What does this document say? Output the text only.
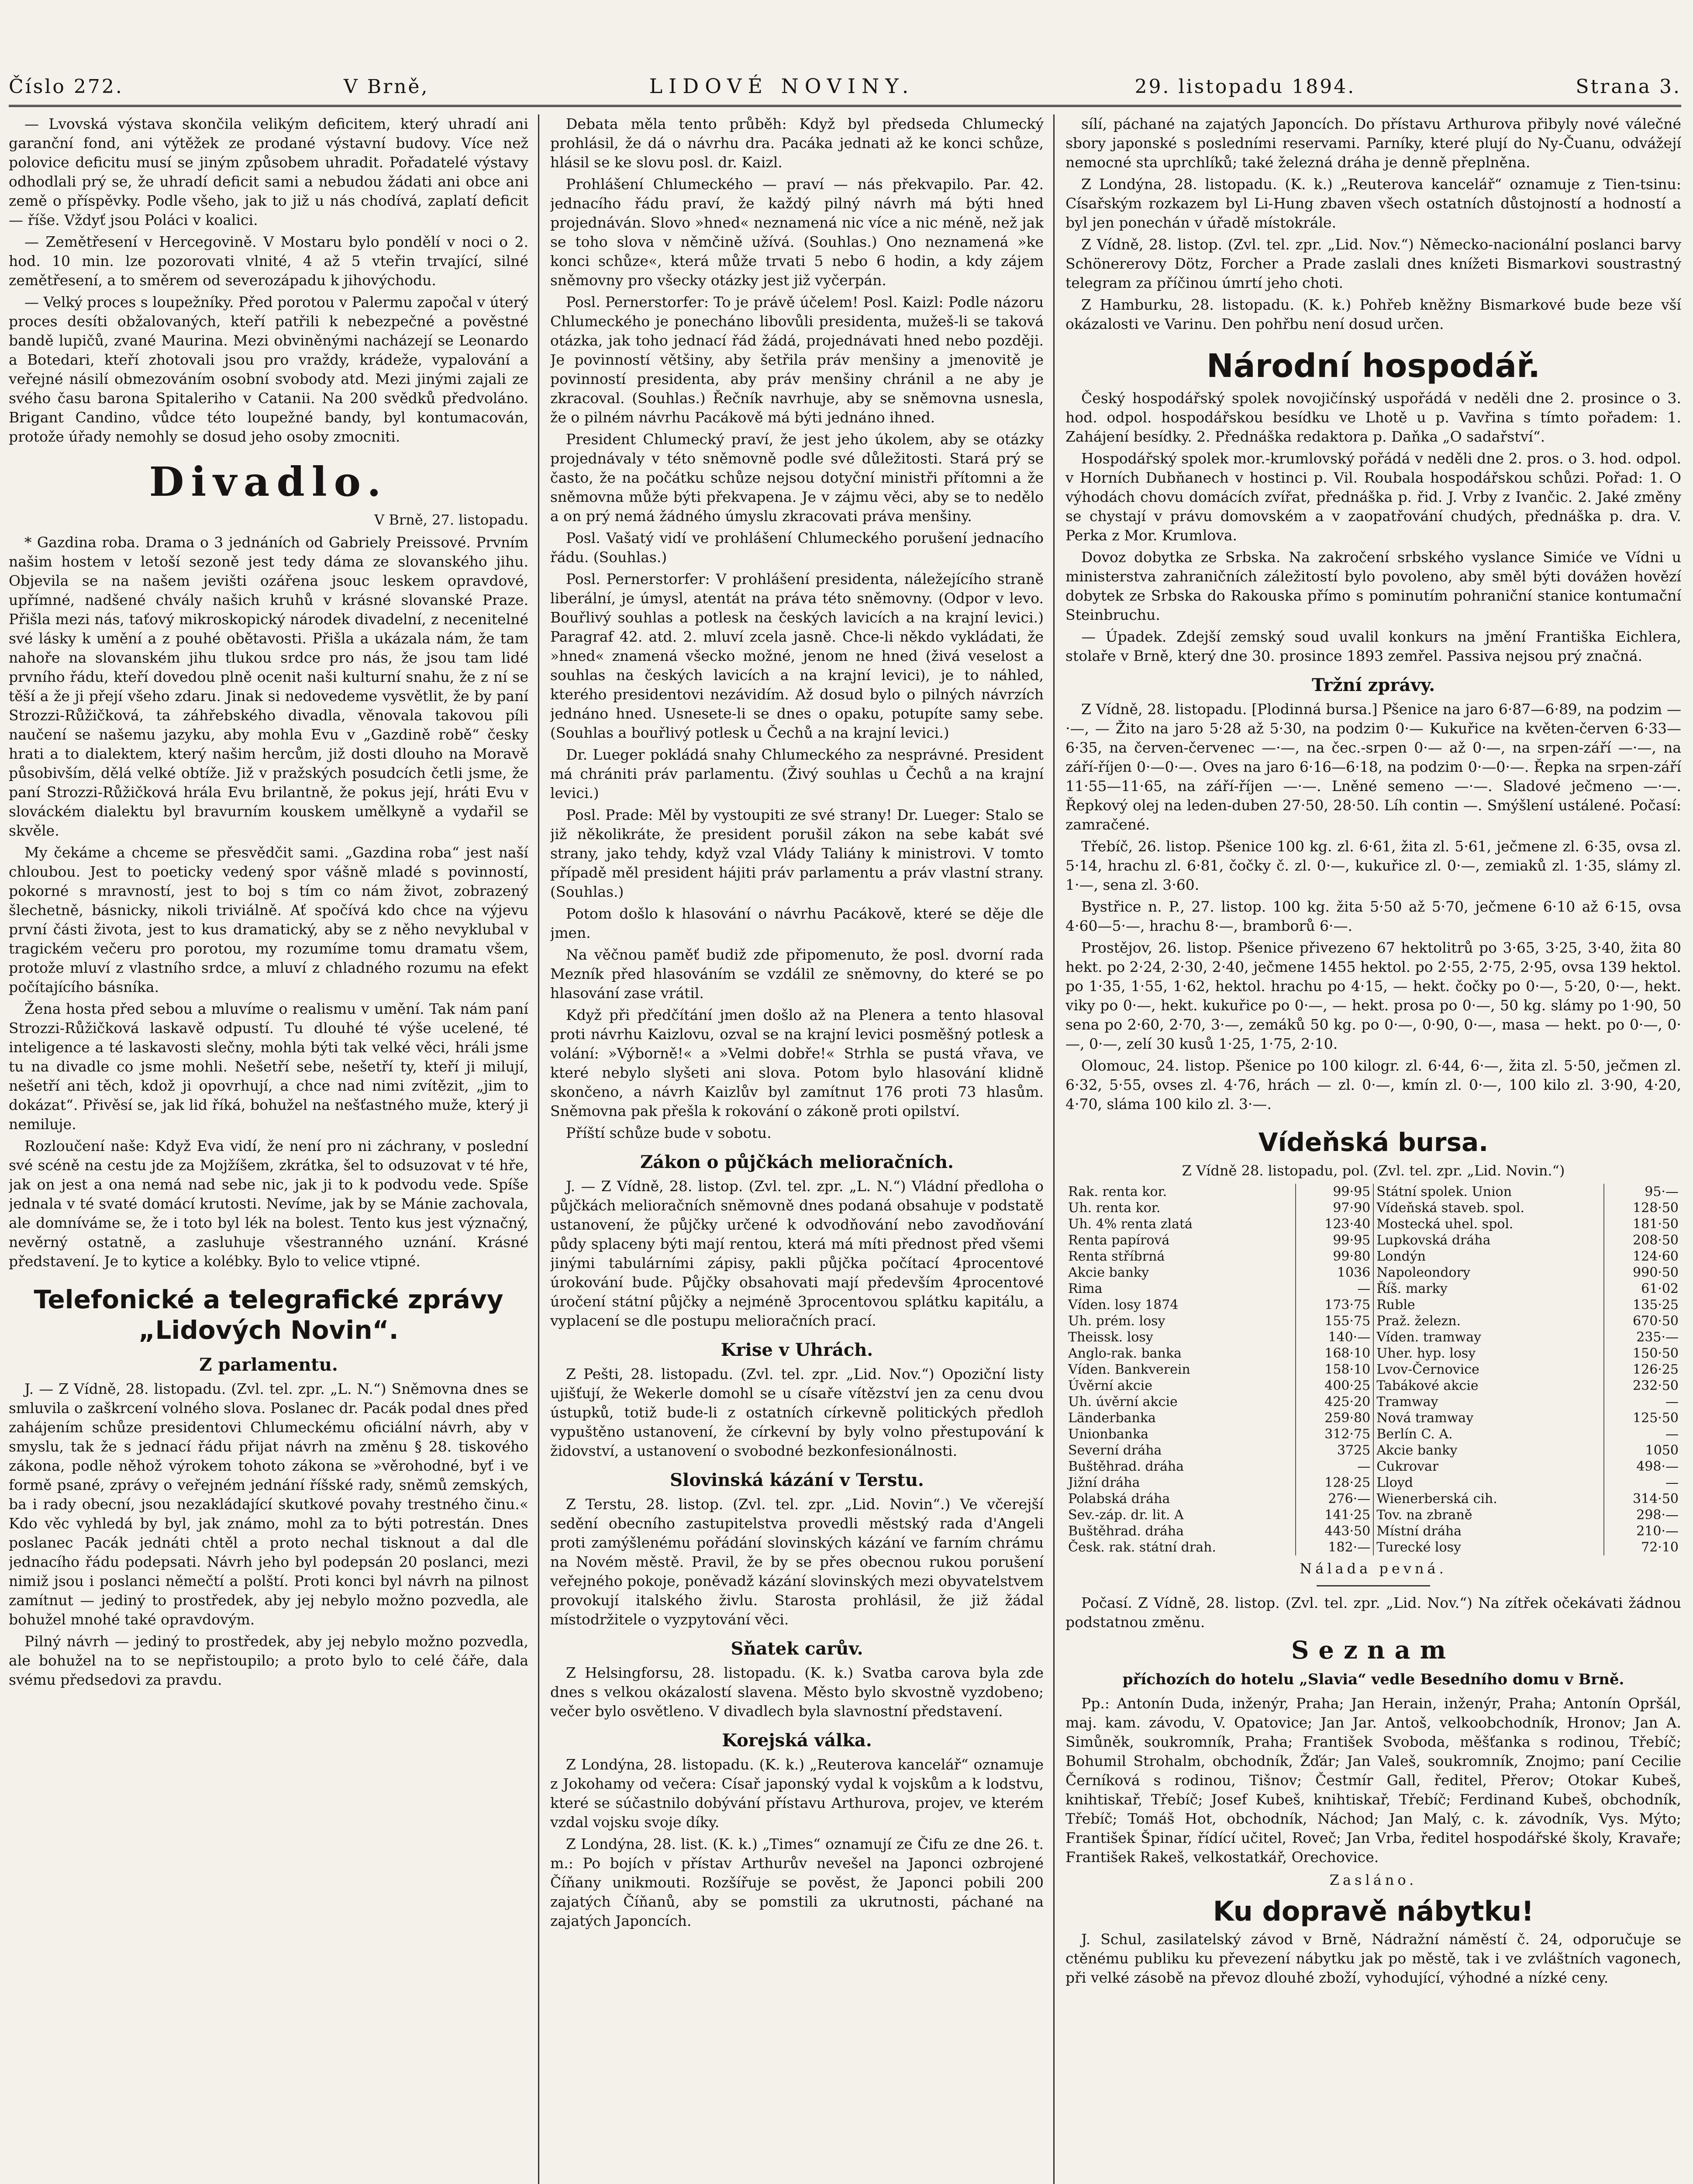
Číslo 272.	V Brně,	LIDOVÉ NOVINY.	29. listopadu 1894.	Strana 3.

— Lvovská výstava skončila velikým deficitem, který uhradí ani garanční fond, ani výtěžek ze prodané výstavní budovy. Více než polovice deficitu musí se jiným způsobem uhradit. Pořadatelé výstavy odhodlali prý se, že uhradí deficit sami a nebudou žádati ani obce ani země o příspěvky. Podle všeho, jak to již u nás chodívá, zaplatí deficit — říše. Vždyť jsou Poláci v koalici.

— Zemětřesení v Hercegovině. V Mostaru bylo pondělí v noci o 2. hod. 10 min. lze pozorovati vlnité, 4 až 5 vteřin trvající, silné zemětřesení, a to směrem od severozápadu k jihovýchodu.

— Velký proces s loupežníky. Před porotou v Palermu započal v úterý proces desíti obžalovaných, kteří patřili k nebezpečné a pověstné bandě lupičů, zvané Maurina. Mezi obviněnými nacházejí se Leonardo a Botedari, kteří zhotovali jsou pro vraždy, krádeže, vypalování a veřejné násilí obmezováním osobní svobody atd. Mezi jinými zajali ze svého času barona Spitaleriho v Catanii. Na 200 svědků předvoláno. Brigant Candino, vůdce této loupežné bandy, byl kontumacován, protože úřady nemohly se dosud jeho osoby zmocniti.

Divadlo.
V Brně, 27. listopadu.

* Gazdina roba. Drama o 3 jednáních od Gabriely Preissové. Prvním našim hostem v letoší sezoně jest tedy dáma ze slovanského jihu. Objevila se na našem jevišti ozářena jsouc leskem opravdové, upřímné, nadšené chvály našich kruhů v krásné slovanské Praze. Přišla mezi nás, taťový mikroskopický národek divadelní, z necenitelné své lásky k umění a z pouhé obětavosti. Přišla a ukázala nám, že tam nahoře na slovanském jihu tlukou srdce pro nás, že jsou tam lidé prvního řádu, kteří dovedou plně ocenit naši kulturní snahu, že z ní se těší a že ji přejí všeho zdaru. Jinak si nedovedeme vysvětlit, že by paní Strozzi-Růžičková, ta záhřebského divadla, věnovala takovou píli naučení se našemu jazyku, aby mohla Evu v „Gazdině robě“ česky hrati a to dialektem, který našim hercům, již dosti dlouho na Moravě působivším, dělá velké obtíže. Již v pražských posudcích četli jsme, že paní Strozzi-Růžičková hrála Evu brilantně, že pokus její, hráti Evu v slováckém dialektu byl bravurním kouskem umělkyně a vydařil se skvěle.

My čekáme a chceme se přesvědčit sami. „Gazdina roba“ jest naší chloubou. Jest to poeticky vedený spor vášně mladé s povinností, pokorné s mravností, jest to boj s tím co nám život, zobrazený šlechetně, básnicky, nikoli triviálně. Ať spočívá kdo chce na výjevu první části života, jest to kus dramatický, aby se z něho nevyklubal v tragickém večeru pro porotou, my rozumíme tomu dramatu všem, protože mluví z vlastního srdce, a mluví z chladného rozumu na efekt počítajícího básníka.

Žena hosta před sebou a mluvíme o realismu v umění. Tak nám paní Strozzi-Růžičková laskavě odpustí. Tu dlouhé té výše ucelené, té inteligence a té laskavosti slečny, mohla býti tak velké věci, hráli jsme tu na divadle co jsme mohli. Nešetří sebe, nešetří ty, kteří ji milují, nešetří ani těch, kdož ji opovrhují, a chce nad nimi zvítězit, „jim to dokázat“. Přivěsí se, jak lid říká, bohužel na nešťastného muže, který ji nemiluje.

Rozloučení naše: Když Eva vidí, že není pro ni záchrany, v poslední své scéně na cestu jde za Mojžíšem, zkrátka, šel to odsuzovat v té hře, jak on jest a ona nemá nad sebe nic, jak ji to k podvodu vede. Spíše jednala v té svaté domácí krutosti. Nevíme, jak by se Mánie zachovala, ale domníváme se, že i toto byl lék na bolest. Tento kus jest význačný, nevěrný ostatně, a zasluhuje všestranného uznání. Krásné představení. Je to kytice a kolébky. Bylo to velice vtipné.

Telefonické a telegrafické zprávy „Lidových Novin“.
Z parlamentu.

J. — Z Vídně, 28. listopadu. (Zvl. tel. zpr. „L. N.“) Sněmovna dnes se smluvila o zaškrcení volného slova. Poslanec dr. Pacák podal dnes před zahájením schůze presidentovi Chlumeckému oficiální návrh, aby v smyslu, tak že s jednací řádu přijat návrh na změnu § 28. tiskového zákona, podle něhož výrokem tohoto zákona se »věrohodné, byť i ve formě psané, zprávy o veřejném jednání říšské rady, sněmů zemských, ba i rady obecní, jsou nezakládající skutkové povahy trestného činu.« Kdo věc vyhledá by byl, jak známo, mohl za to býti potrestán. Dnes poslanec Pacák jednáti chtěl a proto nechal tisknout a dal dle jednacího řádu podepsati. Návrh jeho byl podepsán 20 poslanci, mezi nimiž jsou i poslanci němečtí a polští. Proti konci byl návrh na pilnost zamítnut — jediný to prostředek, aby jej nebylo možno pozvedla, ale bohužel mnohé také opravdovým.

Pilný návrh — jediný to prostředek, aby jej nebylo možno pozvedla, ale bohužel na to se nepřistoupilo; a proto bylo to celé čáře, dala svému předsedovi za pravdu.

Debata měla tento průběh: Když byl předseda Chlumecký prohlásil, že dá o návrhu dra. Pacáka jednati až ke konci schůze, hlásil se ke slovu posl. dr. Kaizl.

Prohlášení Chlumeckého — praví — nás překvapilo. Par. 42. jednacího řádu praví, že každý pilný návrh má býti hned projednáván. Slovo »hned« neznamená nic více a nic méně, než jak se toho slova v němčině užívá. (Souhlas.) Ono neznamená »ke konci schůze«, která může trvati 5 nebo 6 hodin, a kdy zájem sněmovny pro všecky otázky jest již vyčerpán.

Posl. Pernerstorfer: To je právě účelem! Posl. Kaizl: Podle názoru Chlumeckého je ponecháno libovůli presidenta, mužeš-li se taková otázka, jak toho jednací řád žádá, projednávati hned nebo později. Je povinností většiny, aby šetřila práv menšiny a jmenovitě je povinností presidenta, aby práv menšiny chránil a ne aby je zkracoval. (Souhlas.) Řečník navrhuje, aby se sněmovna usnesla, že o pilném návrhu Pacákově má býti jednáno ihned.

President Chlumecký praví, že jest jeho úkolem, aby se otázky projednávaly v této sněmovně podle své důležitosti. Stará prý se často, že na počátku schůze nejsou dotyční ministři přítomni a že sněmovna může býti překvapena. Je v zájmu věci, aby se to nedělo a on prý nemá žádného úmyslu zkracovati práva menšiny.

Posl. Vašatý vidí ve prohlášení Chlumeckého porušení jednacího řádu. (Souhlas.)

Posl. Pernerstorfer: V prohlášení presidenta, náležejícího straně liberální, je úmysl, atentát na práva této sněmovny. (Odpor v levo. Bouřlivý souhlas a potlesk na českých lavicích a na krajní levici.) Paragraf 42. atd. 2. mluví zcela jasně. Chce-li někdo vykládati, že »hned« znamená všecko možné, jenom ne hned (živá veselost a souhlas na českých lavicích a na krajní levici), je to náhled, kterého presidentovi nezávidím. Až dosud bylo o pilných návrzích jednáno hned. Usnesete-li se dnes o opaku, potupíte samy sebe. (Souhlas a bouřlivý potlesk u Čechů a na krajní levici.)

Dr. Lueger pokládá snahy Chlumeckého za nesprávné. President má chrániti práv parlamentu. (Živý souhlas u Čechů a na krajní levici.)

Posl. Prade: Měl by vystoupiti ze své strany! Dr. Lueger: Stalo se již několikráte, že president porušil zákon na sebe kabát své strany, jako tehdy, když vzal Vlády Taliány k ministrovi. V tomto případě měl president hájiti práv parlamentu a práv vlastní strany. (Souhlas.)

Potom došlo k hlasování o návrhu Pacákově, které se děje dle jmen.

Na věčnou paměť budiž zde připomenuto, že posl. dvorní rada Mezník před hlasováním se vzdálil ze sněmovny, do které se po hlasování zase vrátil.

Když při předčítání jmen došlo až na Plenera a tento hlasoval proti návrhu Kaizlovu, ozval se na krajní levici posměšný potlesk a volání: »Výborně!« a »Velmi dobře!« Strhla se pustá vřava, ve které nebylo slyšeti ani slova. Potom bylo hlasování klidně skončeno, a návrh Kaizlův byl zamítnut 176 proti 73 hlasům. Sněmovna pak přešla k rokování o zákoně proti opilství.

Příští schůze bude v sobotu.

Zákon o půjčkách melioračních.

J. — Z Vídně, 28. listop. (Zvl. tel. zpr. „L. N.“) Vládní předloha o půjčkách melioračních sněmovně dnes podaná obsahuje v podstatě ustanovení, že půjčky určené k odvodňování nebo zavodňování půdy splaceny býti mají rentou, která má míti přednost před všemi jinými tabulárními zápisy, pakli půjčka počítací 4procentové úrokování bude. Půjčky obsahovati mají především 4procentové úročení státní půjčky a nejméně 3procentovou splátku kapitálu, a vyplacení se dle postupu melioračních prací.

Krise v Uhrách.

Z Pešti, 28. listopadu. (Zvl. tel. zpr. „Lid. Nov.“) Opoziční listy ujišťují, že Wekerle domohl se u císaře vítězství jen za cenu dvou ústupků, totiž bude-li z ostatních církevně politických předloh vypuštěno ustanovení, že církevní by byly volno přestupování k židovství, a ustanovení o svobodné bezkonfesionálnosti.

Slovinská kázání v Terstu.

Z Terstu, 28. listop. (Zvl. tel. zpr. „Lid. Novin“.) Ve včerejší sedění obecního zastupitelstva provedli městský rada d'Angeli proti zamýšlenému pořádání slovinských kázání ve farním chrámu na Novém městě. Pravil, že by se přes obecnou rukou porušení veřejného pokoje, poněvadž kázání slovinských mezi obyvatelstvem provokují italského živlu. Starosta prohlásil, že již žádal místodržitele o vyzpytování věci.

Sňatek carův.

Z Helsingforsu, 28. listopadu. (K. k.) Svatba carova byla zde dnes s velkou okázalostí slavena. Město bylo skvostně vyzdobeno; večer bylo osvětleno. V divadlech byla slavnostní představení.

Korejská válka.

Z Londýna, 28. listopadu. (K. k.) „Reuterova kancelář“ oznamuje z Jokohamy od večera: Císař japonský vydal k vojskům a k lodstvu, které se súčastnilo dobývání přístavu Arthurova, projev, ve kterém vzdal vojsku svoje díky.

Z Londýna, 28. list. (K. k.) „Times“ oznamují ze Čifu ze dne 26. t. m.: Po bojích v přístav Arthurův nevešel na Japonci ozbrojené Číňany unikmouti. Rozšířuje se pověst, že Japonci pobili 200 zajatých Číňanů, aby se pomstili za ukrutnosti, páchané na zajatých Japoncích.

sílí, páchané na zajatých Japoncích. Do přístavu Arthurova přibyly nové válečné sbory japonské s posledními reservami. Parníky, které plují do Ny-Čuanu, odvážejí nemocné sta uprchlíků; také železná dráha je denně přeplněna.

Z Londýna, 28. listopadu. (K. k.) „Reuterova kancelář“ oznamuje z Tien-tsinu: Císařským rozkazem byl Li-Hung zbaven všech ostatních důstojností a hodností a byl jen ponechán v úřadě místokrále.

Z Vídně, 28. listop. (Zvl. tel. zpr. „Lid. Nov.“) Německo-nacionální poslanci barvy Schönererovy Dötz, Forcher a Prade zaslali dnes knížeti Bismarkovi soustrastný telegram za příčinou úmrtí jeho choti.

Z Hamburku, 28. listopadu. (K. k.) Pohřeb kněžny Bismarkové bude beze vší okázalosti ve Varinu. Den pohřbu není dosud určen.

Národní hospodář.

Český hospodářský spolek novojičínský uspořádá v neděli dne 2. prosince o 3. hod. odpol. hospodářskou besídku ve Lhotě u p. Vavřina s tímto pořadem: 1. Zahájení besídky. 2. Přednáška redaktora p. Daňka „O sadařství“.

Hospodářský spolek mor.-krumlovský pořádá v neděli dne 2. pros. o 3. hod. odpol. v Horních Dubňanech v hostinci p. Vil. Roubala hospodářskou schůzi. Pořad: 1. O výhodách chovu domácích zvířat, přednáška p. řid. J. Vrby z Ivančic. 2. Jaké změny se chystají v právu domovském a v zaopatřování chudých, přednáška p. dra. V. Perka z Mor. Krumlova.

Dovoz dobytka ze Srbska. Na zakročení srbského vyslance Simiće ve Vídni u ministerstva zahraničních záležitostí bylo povoleno, aby směl býti dovážen hovězí dobytek ze Srbska do Rakouska přímo s pominutím pohraniční stanice kontumační Steinbruchu.

— Úpadek. Zdejší zemský soud uvalil konkurs na jmění Františka Eichlera, stolaře v Brně, který dne 30. prosince 1893 zemřel. Passiva nejsou prý značná.

Tržní zprávy.

Z Vídně, 28. listopadu. [Plodinná bursa.] Pšenice na jaro 6·87—6·89, na podzim —·—, — Žito na jaro 5·28 až 5·30, na podzim 0·— Kukuřice na květen-červen 6·33—6·35, na červen-červenec —·—, na čec.-srpen 0·— až 0·—, na srpen-září —·—, na září-říjen 0·—0·—. Oves na jaro 6·16—6·18, na podzim 0·—0·—. Řepka na srpen-září 11·55—11·65, na září-říjen —·—. Lněné semeno —·—. Sladové ječmeno —·—. Řepkový olej na leden-duben 27·50, 28·50. Líh contin —. Smýšlení ustálené. Počasí: zamračené.

Třebíč, 26. listop. Pšenice 100 kg. zl. 6·61, žita zl. 5·61, ječmene zl. 6·35, ovsa zl. 5·14, hrachu zl. 6·81, čočky č. zl. 0·—, kukuřice zl. 0·—, zemiaků zl. 1·35, slámy zl. 1·—, sena zl. 3·60.

Bystřice n. P., 27. listop. 100 kg. žita 5·50 až 5·70, ječmene 6·10 až 6·15, ovsa 4·60—5·—, hrachu 8·—, bramborů 6·—.

Prostějov, 26. listop. Pšenice přivezeno 67 hektolitrů po 3·65, 3·25, 3·40, žita 80 hekt. po 2·24, 2·30, 2·40, ječmene 1455 hektol. po 2·55, 2·75, 2·95, ovsa 139 hektol. po 1·35, 1·55, 1·62, hektol. hrachu po 4·15, — hekt. čočky po 0·—, 5·20, 0·—, hekt. viky po 0·—, hekt. kukuřice po 0·—, — hekt. prosa po 0·—, 50 kg. slámy po 1·90, 50 sena po 2·60, 2·70, 3·—, zemáků 50 kg. po 0·—, 0·90, 0·—, masa — hekt. po 0·—, 0·—, 0·—, zelí 30 kusů 1·25, 1·75, 2·10.

Olomouc, 24. listop. Pšenice po 100 kilogr. zl. 6·44, 6·—, žita zl. 5·50, ječmen zl. 6·32, 5·55, ovses zl. 4·76, hrách — zl. 0·—, kmín zl. 0·—, 100 kilo zl. 3·90, 4·20, 4·70, sláma 100 kilo zl. 3·—.

Vídeňská bursa.
Z Vídně 28. listopadu, pol. (Zvl. tel. zpr. „Lid. Novin.“)
Rak. renta kor.	99·95	Státní spolek. Union	95·—
Uh. renta kor.	97·90	Vídeňská staveb. spol.	128·50
Uh. 4% renta zlatá	123·40	Mostecká uhel. spol.	181·50
Renta papírová	99·95	Lupkovská dráha	208·50
Renta stříbrná	99·80	Londýn	124·60
Akcie banky	1036	Napoleondory	990·50
Rima	—	Říš. marky	61·02
Víden. losy 1874	173·75	Ruble	135·25
Uh. prém. losy	155·75	Praž. železn.	670·50
Theissk. losy	140·—	Víden. tramway	235·—
Anglo-rak. banka	168·10	Uher. hyp. losy	150·50
Víden. Bankverein	158·10	Lvov-Černovice	126·25
Úvěrní akcie	400·25	Tabákové akcie	232·50
Uh. úvěrní akcie	425·20	Tramway	—
Länderbanka	259·80	Nová tramway	125·50
Unionbanka	312·75	Berlín C. A.	—
Severní dráha	3725	Akcie banky	1050
Buštěhrad. dráha	—	Cukrovar	498·—
Jižní dráha	128·25	Lloyd	—
Polabská dráha	276·—	Wienerberská cih.	314·50
Sev.-záp. dr. lit. A	141·25	Tov. na zbraně	298·—
Buštěhrad. dráha	443·50	Místní dráha	210·—
Česk. rak. státní drah.	182·—	Turecké losy	72·10
Nálada pevná.

Počasí. Z Vídně, 28. listop. (Zvl. tel. zpr. „Lid. Nov.“) Na zítřek očekávati žádnou podstatnou změnu.

Seznam
příchozích do hotelu „Slavia“ vedle Besedního domu v Brně.

Pp.: Antonín Duda, inženýr, Praha; Jan Herain, inženýr, Praha; Antonín Opršál, maj. kam. závodu, V. Opatovice; Jan Jar. Antoš, velkoobchodník, Hronov; Jan A. Simůněk, soukromník, Praha; František Svoboda, měšťanka s rodinou, Třebíč; Bohumil Strohalm, obchodník, Žďár; Jan Valeš, soukromník, Znojmo; paní Cecilie Černíková s rodinou, Tišnov; Čestmír Gall, ředitel, Přerov; Otokar Kubeš, knihtiskař, Třebíč; Josef Kubeš, knihtiskař, Třebíč; Ferdinand Kubeš, obchodník, Třebíč; Tomáš Hot, obchodník, Náchod; Jan Malý, c. k. závodník, Vys. Mýto; František Špinar, řídící učitel, Roveč; Jan Vrba, ředitel hospodářské školy, Kravaře; František Rakeš, velkostatkář, Orechovice.

Zasláno.
Ku dopravě nábytku!

J. Schul, zasilatelský závod v Brně, Nádražní náměstí č. 24, odporučuje se ctěnému publiku ku převezení nábytku jak po městě, tak i ve zvláštních vagonech, při velké zásobě na převoz dlouhé zboží, vyhodující, výhodné a nízké ceny.
